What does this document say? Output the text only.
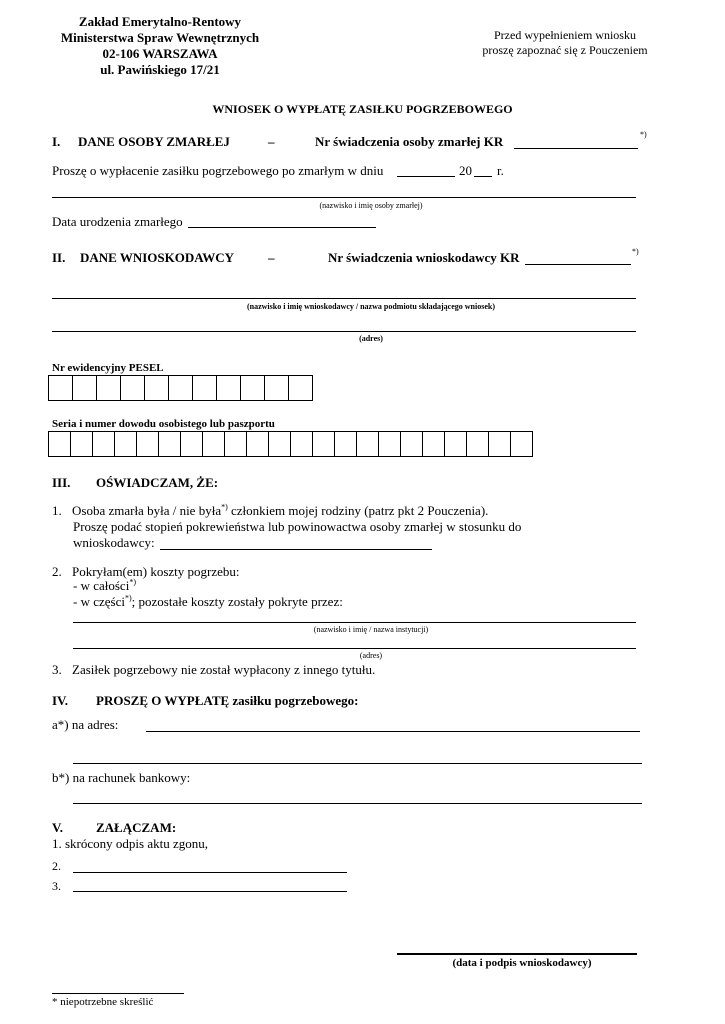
Zakład Emerytalno-Rentowy
Ministerstwa Spraw Wewnętrznych
02-106 WARSZAWA
ul. Pawińskiego 17/21
Przed wypełnieniem wniosku
proszę zapoznać się z Pouczeniem
WNIOSEK O WYPŁATĘ ZASIŁKU POGRZEBOWEGO
I. DANE OSOBY ZMARŁEJ	–	Nr świadczenia osoby zmarłej KR	*)
Proszę o wypłacenie zasiłku pogrzebowego po zmarłym w dniu	20 r.
(nazwisko i imię osoby zmarłej)
Data urodzenia zmarłego
II. DANE WNIOSKODAWCY	–	Nr świadczenia wnioskodawcy KR	*)
(nazwisko i imię wnioskodawcy / nazwa podmiotu składającego wniosek)
(adres)
Nr ewidencyjny PESEL
Seria i numer dowodu osobistego lub paszportu
III. OŚWIADCZAM, ŻE:
1. Osoba zmarła była / nie była*) członkiem mojej rodziny (patrz pkt 2 Pouczenia).
Proszę podać stopień pokrewieństwa lub powinowactwa osoby zmarłej w stosunku do
wnioskodawcy:
2. Pokryłam(em) koszty pogrzebu:
- w całości*)
- w części*); pozostałe koszty zostały pokryte przez:
(nazwisko i imię / nazwa instytucji)
(adres)
3. Zasiłek pogrzebowy nie został wypłacony z innego tytułu.
IV. PROSZĘ O WYPŁATĘ zasiłku pogrzebowego:
a*) na adres:
b*) na rachunek bankowy:
V.	ZAŁĄCZAM:
1. skrócony odpis aktu zgonu,
2.
3.
(data i podpis wnioskodawcy)
* niepotrzebne skreślić
